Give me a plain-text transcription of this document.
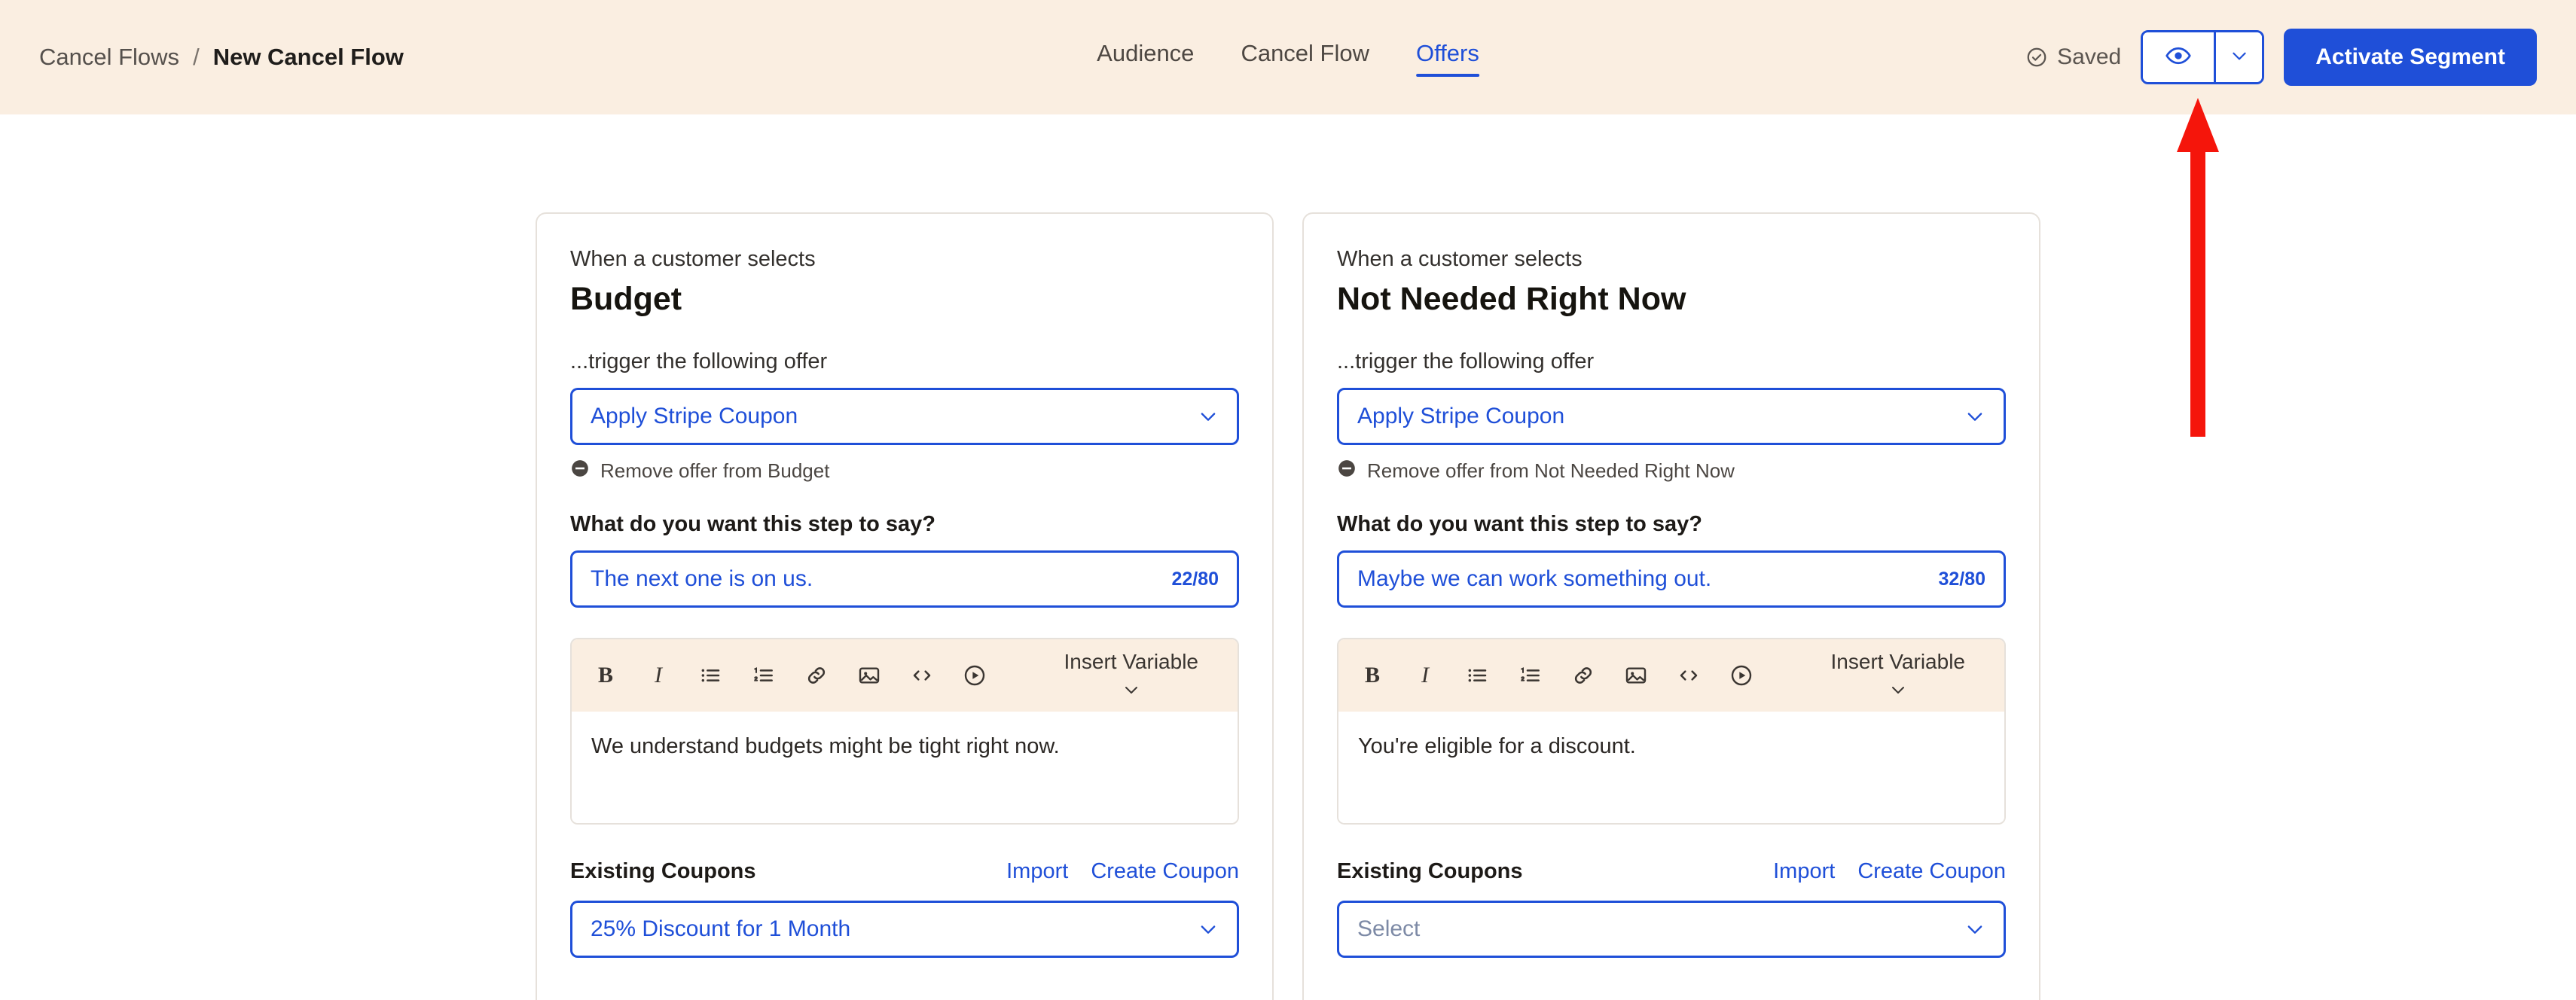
Cancel Flows / New Cancel Flow	Audience Cancel Flow Offers	Saved	Activate Segment
When a customer selects
Budget
...trigger the following offer
Apply Stripe Coupon
Remove offer from Budget
What do you want this step to say?
The next one is on us.	22/80
B	I
Insert Variable
We understand budgets might be tight right now.
Existing Coupons	Import Create Coupon
25% Discount for 1 Month
When a customer selects
Not Needed Right Now
...trigger the following offer
Apply Stripe Coupon
Remove offer from Not Needed Right Now
What do you want this step to say?
Maybe we can work something out.	32/80
B	I
Insert Variable
You're eligible for a discount.
Existing Coupons	Import Create Coupon
Select
